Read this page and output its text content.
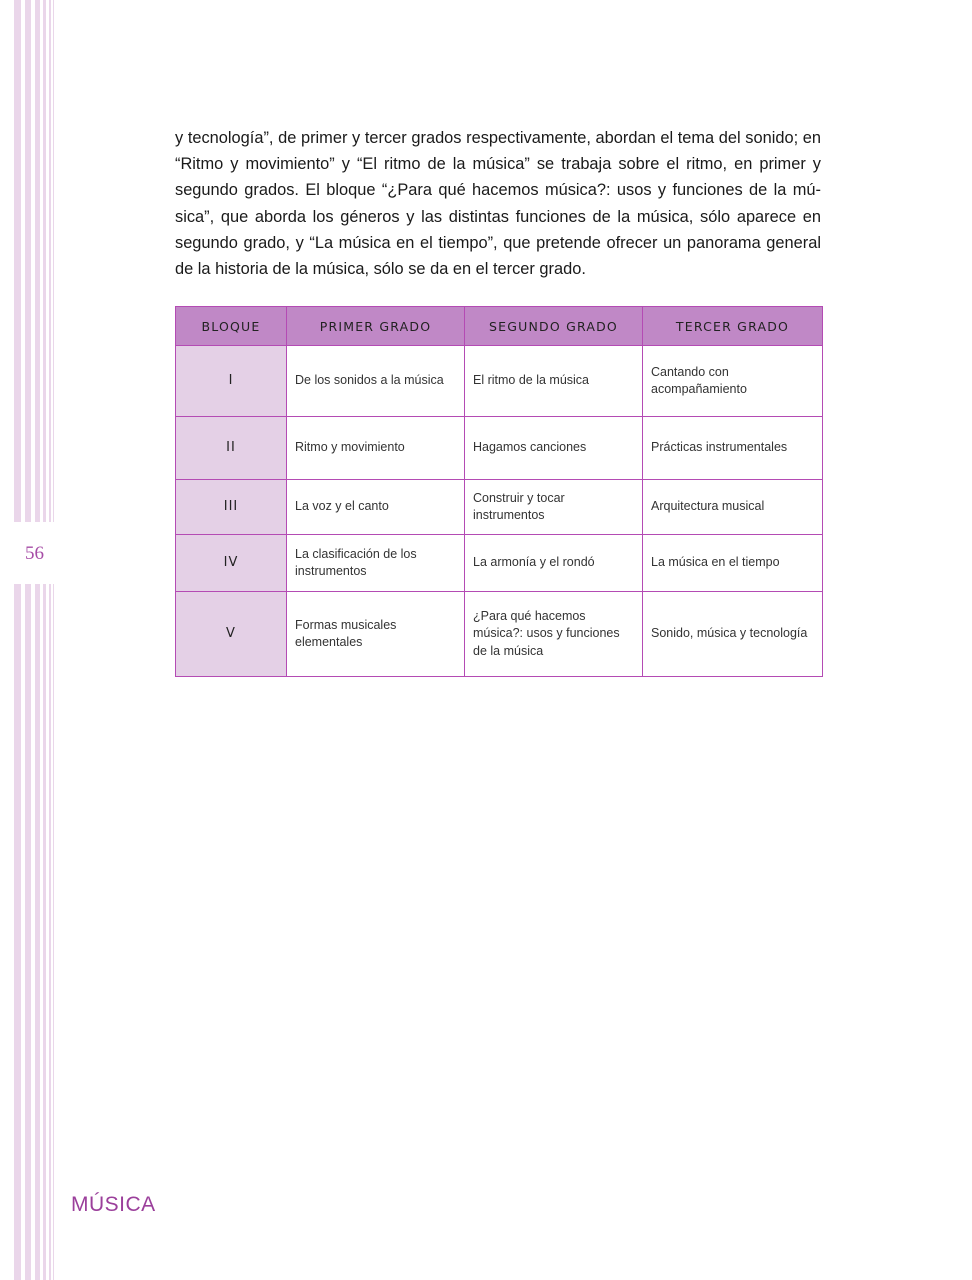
56

y tecnología”, de primer y tercer grados respectivamente, abordan el tema del sonido; en “Ritmo y movimiento” y “El ritmo de la música” se trabaja sobre el ritmo, en primer y segundo grados. El bloque “¿Para qué hacemos música?: usos y funciones de la música”, que aborda los géneros y las distintas funciones de la música, sólo aparece en segundo grado, y “La música en el tiempo”, que pretende ofrecer un panorama general de la historia de la música, sólo se da en el tercer grado.

BLOQUE	PRIMER GRADO	SEGUNDO GRADO	TERCER GRADO
I	De los sonidos a la música	El ritmo de la música	Cantando con acompañamiento
II	Ritmo y movimiento	Hagamos canciones	Prácticas instrumentales
III	La voz y el canto	Construir y tocar instrumentos	Arquitectura musical
IV	La clasificación de los instrumentos	La armonía y el rondó	La música en el tiempo
V	Formas musicales elementales	¿Para qué hacemos música?: usos y funciones de la música	Sonido, música y tecnología
MÚSICA
